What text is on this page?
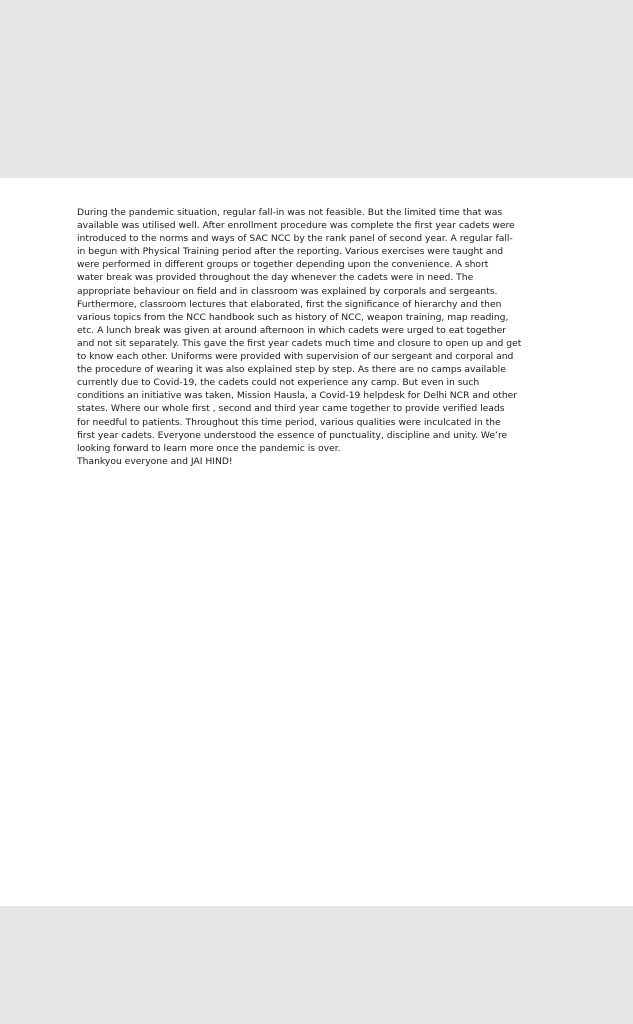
During the pandemic situation, regular fall-in was not feasible. But the limited time that was
available was utilised well. After enrollment procedure was complete the first year cadets were
introduced to the norms and ways of SAC NCC by the rank panel of second year. A regular fall-
in begun with Physical Training period after the reporting. Various exercises were taught and
were performed in different groups or together depending upon the convenience. A short
water break was provided throughout the day whenever the cadets were in need. The
appropriate behaviour on field and in classroom was explained by corporals and sergeants.
Furthermore, classroom lectures that elaborated, first the significance of hierarchy and then
various topics from the NCC handbook such as history of NCC, weapon training, map reading,
etc. A lunch break was given at around afternoon in which cadets were urged to eat together
and not sit separately. This gave the first year cadets much time and closure to open up and get
to know each other. Uniforms were provided with supervision of our sergeant and corporal and
the procedure of wearing it was also explained step by step. As there are no camps available
currently due to Covid-19, the cadets could not experience any camp. But even in such
conditions an initiative was taken, Mission Hausla, a Covid-19 helpdesk for Delhi NCR and other
states. Where our whole first , second and third year came together to provide verified leads
for needful to patients. Throughout this time period, various qualities were inculcated in the
first year cadets. Everyone understood the essence of punctuality, discipline and unity. We’re
looking forward to learn more once the pandemic is over.
Thankyou everyone and JAI HIND!
